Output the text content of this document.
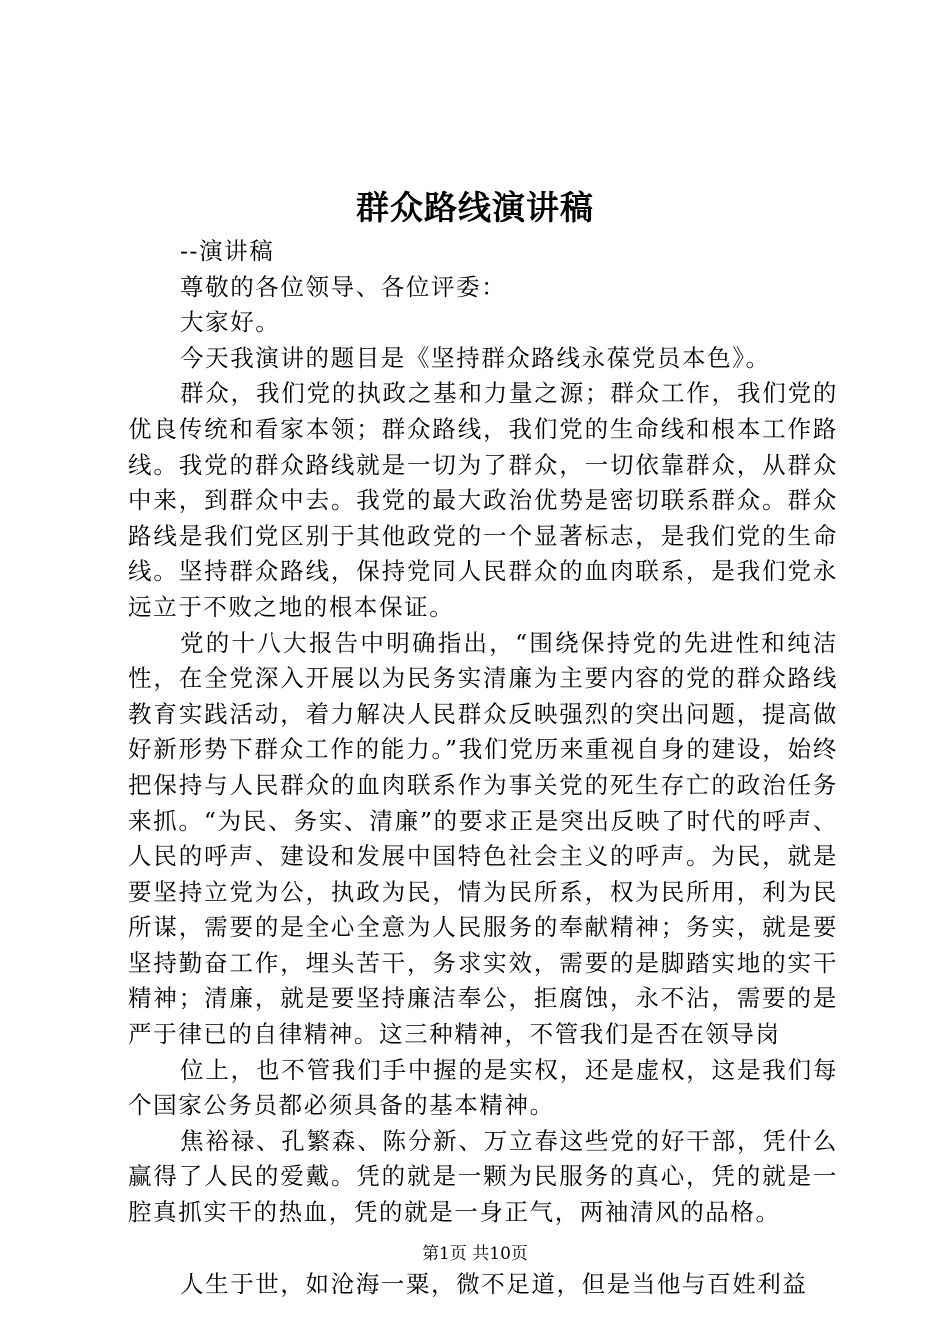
群众路线演讲稿

--演讲稿

尊敬的各位领导、各位评委：

大家好。

今天我演讲的题目是《坚持群众路线永葆党员本色》。

群众，我们党的执政之基和力量之源；群众工作，我们党的优良传统和看家本领；群众路线，我们党的生命线和根本工作路线。我党的群众路线就是一切为了群众，一切依靠群众，从群众中来，到群众中去。我党的最大政治优势是密切联系群众。群众路线是我们党区别于其他政党的一个显著标志，是我们党的生命线。坚持群众路线，保持党同人民群众的血肉联系，是我们党永远立于不败之地的根本保证。

党的十八大报告中明确指出，“围绕保持党的先进性和纯洁性，在全党深入开展以为民务实清廉为主要内容的党的群众路线教育实践活动，着力解决人民群众反映强烈的突出问题，提高做好新形势下群众工作的能力。”我们党历来重视自身的建设，始终把保持与人民群众的血肉联系作为事关党的死生存亡的政治任务来抓。“为民、务实、清廉”的要求正是突出反映了时代的呼声、人民的呼声、建设和发展中国特色社会主义的呼声。为民，就是要坚持立党为公，执政为民，情为民所系，权为民所用，利为民所谋，需要的是全心全意为人民服务的奉献精神；务实，就是要坚持勤奋工作，埋头苦干，务求实效，需要的是脚踏实地的实干精神；清廉，就是要坚持廉洁奉公，拒腐蚀，永不沾，需要的是严于律已的自律精神。这三种精神，不管我们是否在领导岗

位上，也不管我们手中握的是实权，还是虚权，这是我们每个国家公务员都必须具备的基本精神。

焦裕禄、孔繁森、陈分新、万立春这些党的好干部，凭什么赢得了人民的爱戴。凭的就是一颗为民服务的真心，凭的就是一腔真抓实干的热血，凭的就是一身正气，两袖清风的品格。

人生于世，如沧海一粟，微不足道，但是当他与百姓利益

第1页 共10页
